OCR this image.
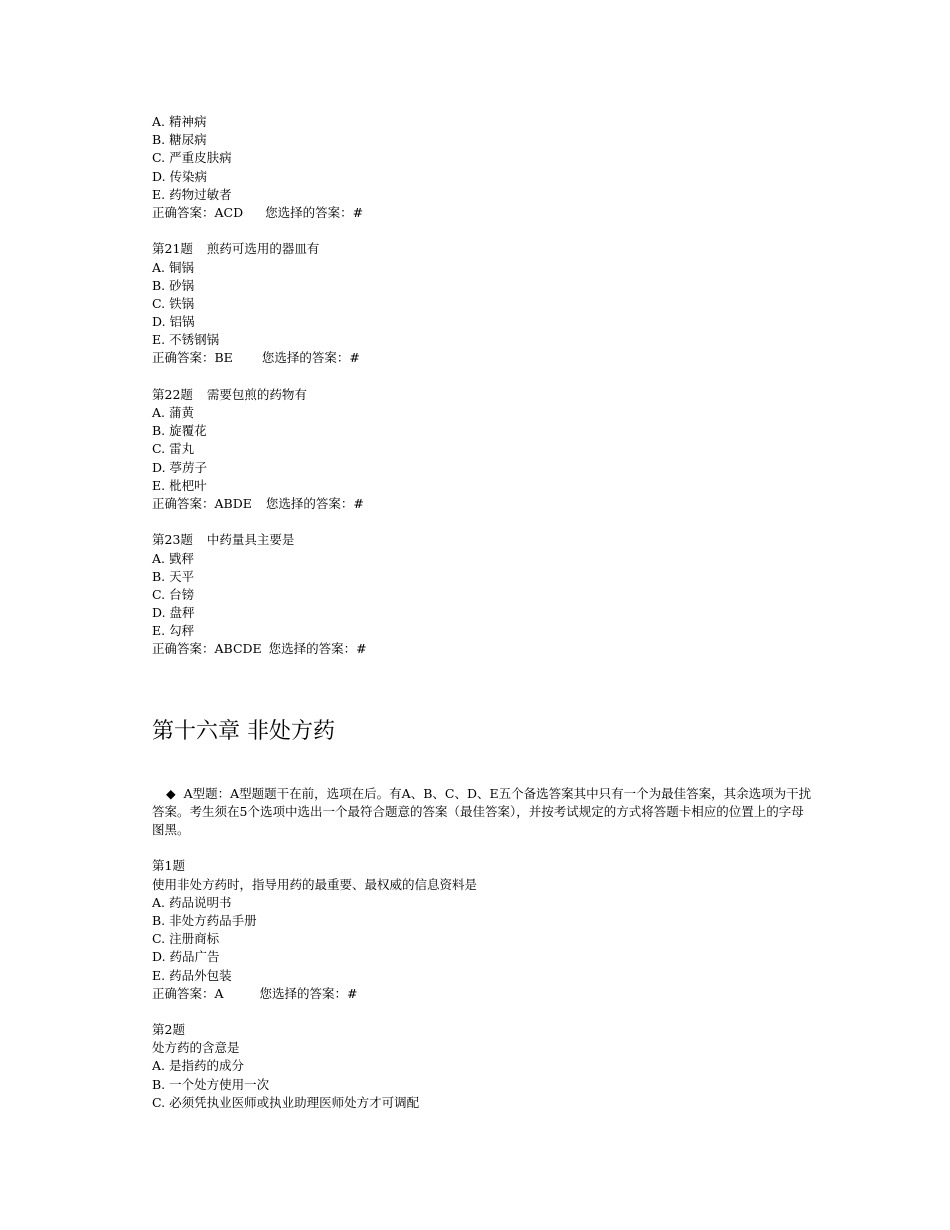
A. 精神病
B. 糖尿病
C. 严重皮肤病
D. 传染病
E. 药物过敏者
正确答案：ACD 您选择的答案：#
第21题 煎药可选用的器皿有
A. 铜锅
B. 砂锅
C. 铁锅
D. 铝锅
E. 不锈钢锅
正确答案：BE 您选择的答案：#
第22题 需要包煎的药物有
A. 蒲黄
B. 旋覆花
C. 雷丸
D. 葶苈子
E. 枇杷叶
正确答案：ABDE 您选择的答案：#
第23题 中药量具主要是
A. 戥秤
B. 天平
C. 台镑
D. 盘秤
E. 勾秤
正确答案：ABCDE 您选择的答案：#
第十六章 非处方药
◆ A型题：A型题题干在前，选项在后。有A、B、C、D、E五个备选答案其中只有一个为最佳答案，其余选项为干扰答案。考生须在5个选项中选出一个最符合题意的答案（最佳答案），并按考试规定的方式将答题卡相应的位置上的字母图黑。
第1题
使用非处方药时，指导用药的最重要、最权威的信息资料是
A. 药品说明书
B. 非处方药品手册
C. 注册商标
D. 药品广告
E. 药品外包装
正确答案：A	您选择的答案：#
第2题
处方药的含意是
A. 是指药的成分
B. 一个处方使用一次
C. 必须凭执业医师或执业助理医师处方才可调配
